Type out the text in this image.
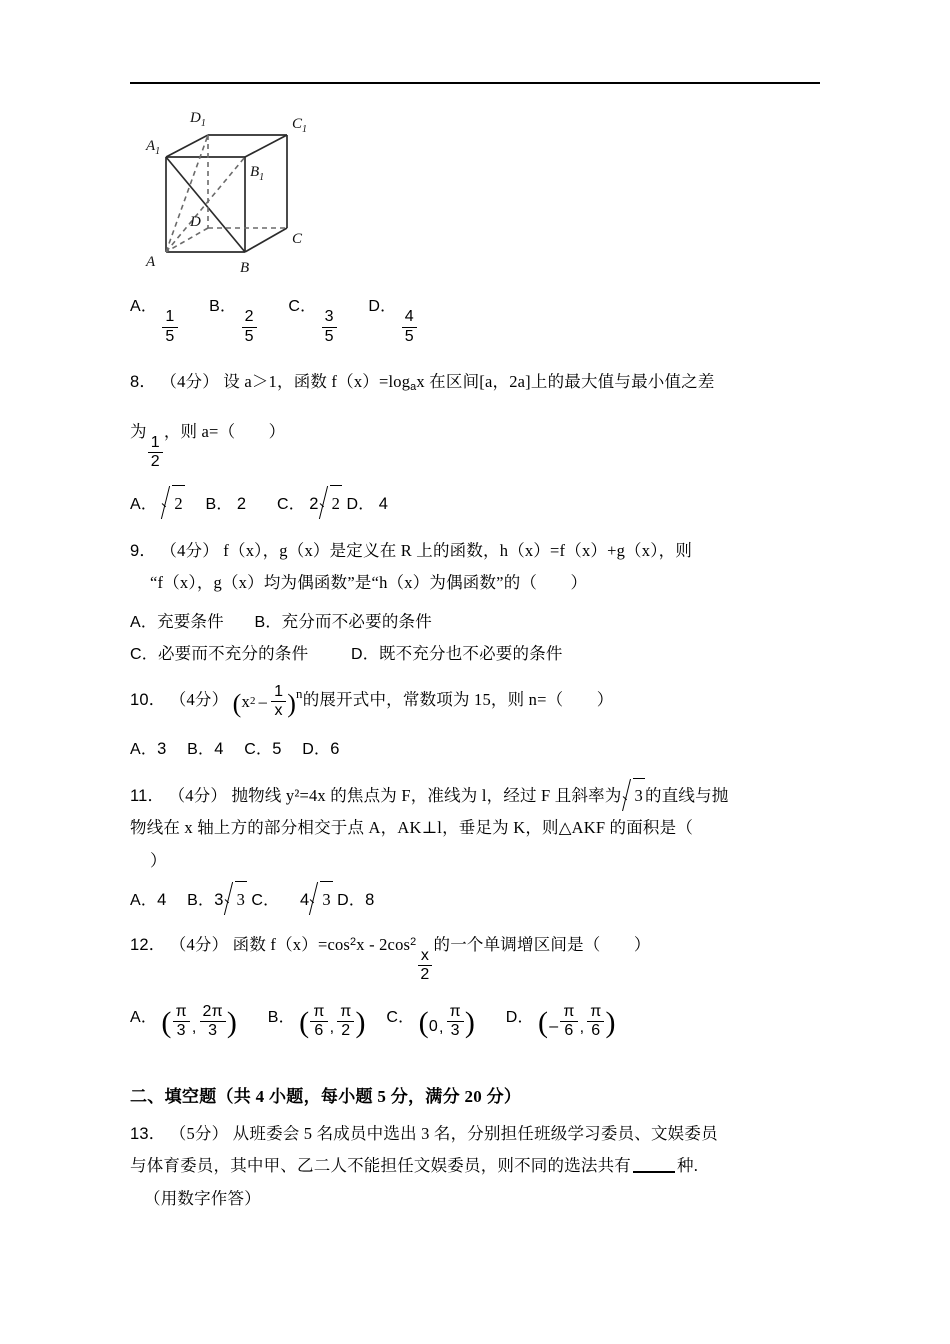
$D_1$	$C_1$
$A_1$
$B_1$
D
C
A	B
A．
$\frac{1}{5}$
B．
$\frac{2}{5}$
C．
$\frac{3}{5}$
D．
$\frac{4}{5}$
8． （4分） 设 a＞1，函数 $f(x)=\log_ax$ 在区间[a，2a]上的最大值与最小值之差
为
$\frac{1}{2}$
，则 a=（　　）
A． 2 B． 2 C． 2 2 D． 4
9． （4分） f（x），g（x）是定义在 R 上的函数，h（x）=f（x）+g（x），则
“f（x），g（x）均为偶函数”是“h（x）为偶函数”的（　　）
A．充要条件 B．充分而不必要的条件
C．必要而不充分的条件	D．既不充分也不必要的条件
10． （4分） ( x $2 - \frac{1}{x}$ ) $^n$的展开式中，常数项为 15，则 n=（　　）
A．3 B．4 C．5 D．6
11． （4分） 抛物线 y²=4x 的焦点为 F，准线为 l，经过 F 且斜率为 3 的直线与抛
物线在 x 轴上方的部分相交于点 A，AK⊥l，垂足为 K，则△AKF 的面积是（
）
A．4 B．3 3 C． 4 3 D．8
12． （4分） 函数 $f(x)=\cos^2x - 2\cos^2$
$\frac{x}{2}$
的一个单调增区间是（　　）
A． ( $\frac{\pi}{3}$ , $\frac{2\pi}{3}$ ) B． ( $\frac{\pi}{6}$ , $\frac{\pi}{2}$ ) C． ( 0 , $\frac{\pi}{3}$ ) D． ( – $\frac{\pi}{6}$ , $\frac{\pi}{6}$ )
二、填空题（共 4 小题，每小题 5 分，满分 20 分）
13． （5分） 从班委会 5 名成员中选出 3 名，分别担任班级学习委员、文娱委员
与体育委员，其中甲、乙二人不能担任文娱委员，则不同的选法共有	种.
（用数字作答）
